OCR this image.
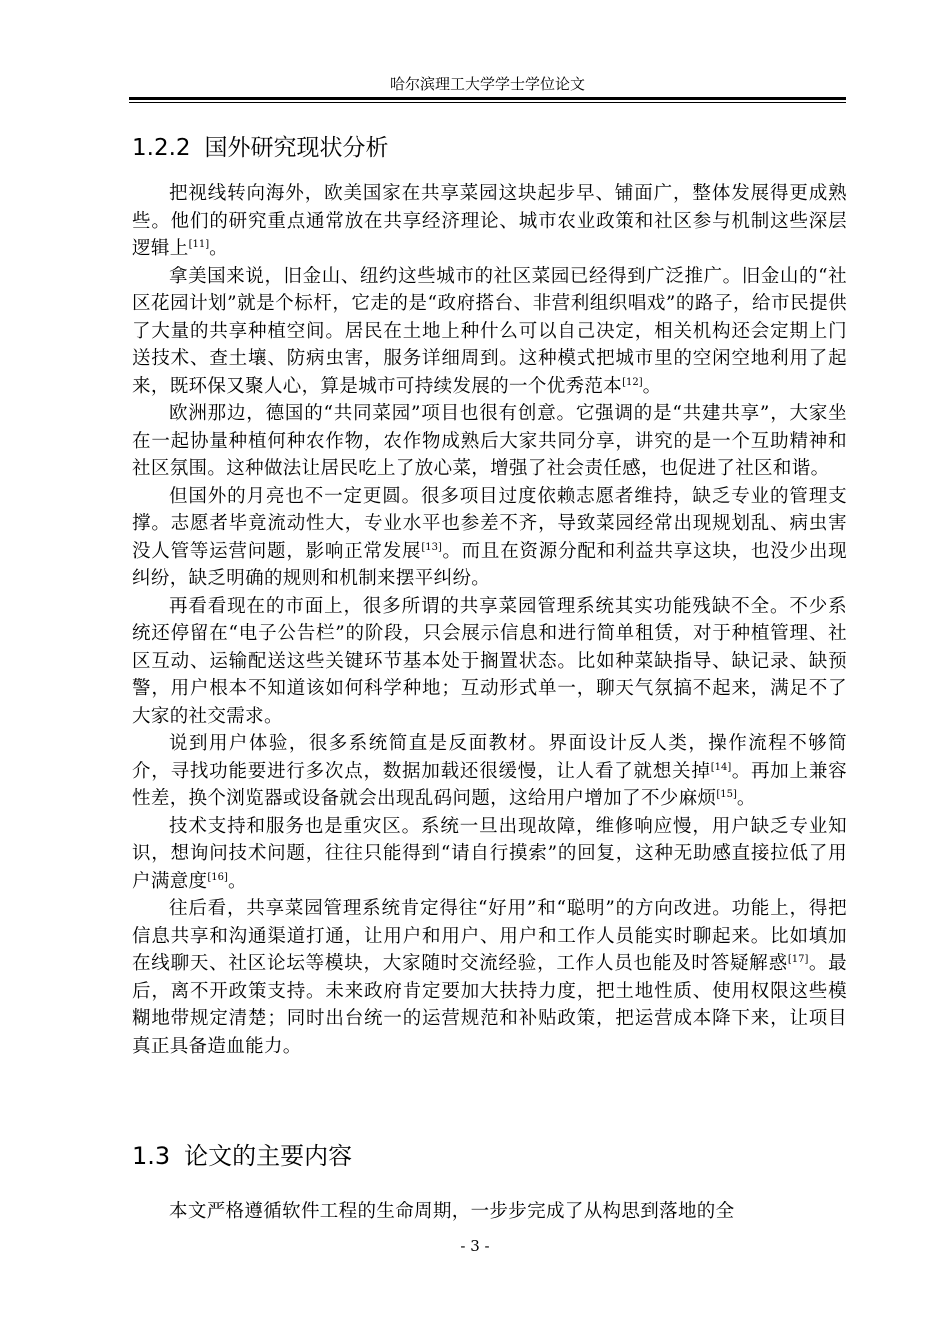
哈尔滨理工大学学士学位论文
1.2.2 国外研究现状分析

把视线转向海外，欧美国家在共享菜园这块起步早、铺面广，整体发展得更成熟些。他们的研究重点通常放在共享经济理论、城市农业政策和社区参与机制这些深层逻辑上[11]。

拿美国来说，旧金山、纽约这些城市的社区菜园已经得到广泛推广。旧金山的“社区花园计划”就是个标杆，它走的是“政府搭台、非营利组织唱戏”的路子，给市民提供了大量的共享种植空间。居民在土地上种什么可以自己决定，相关机构还会定期上门送技术、查土壤、防病虫害，服务详细周到。这种模式把城市里的空闲空地利用了起来，既环保又聚人心，算是城市可持续发展的一个优秀范本[12]。

欧洲那边，德国的“共同菜园”项目也很有创意。它强调的是“共建共享”，大家坐在一起协量种植何种农作物，农作物成熟后大家共同分享，讲究的是一个互助精神和社区氛围。这种做法让居民吃上了放心菜，增强了社会责任感，也促进了社区和谐。

但国外的月亮也不一定更圆。很多项目过度依赖志愿者维持，缺乏专业的管理支撑。志愿者毕竟流动性大，专业水平也参差不齐，导致菜园经常出现规划乱、病虫害没人管等运营问题，影响正常发展[13]。而且在资源分配和利益共享这块，也没少出现纠纷，缺乏明确的规则和机制来摆平纠纷。

再看看现在的市面上，很多所谓的共享菜园管理系统其实功能残缺不全。不少系统还停留在“电子公告栏”的阶段，只会展示信息和进行简单租赁，对于种植管理、社区互动、运输配送这些关键环节基本处于搁置状态。比如种菜缺指导、缺记录、缺预警，用户根本不知道该如何科学种地；互动形式单一，聊天气氛搞不起来，满足不了大家的社交需求。

说到用户体验，很多系统简直是反面教材。界面设计反人类，操作流程不够简介，寻找功能要进行多次点，数据加载还很缓慢，让人看了就想关掉[14]。再加上兼容性差，换个浏览器或设备就会出现乱码问题，这给用户增加了不少麻烦[15]。

技术支持和服务也是重灾区。系统一旦出现故障，维修响应慢，用户缺乏专业知识，想询问技术问题，往往只能得到“请自行摸索”的回复，这种无助感直接拉低了用户满意度[16]。

往后看，共享菜园管理系统肯定得往“好用”和“聪明”的方向改进。功能上，得把信息共享和沟通渠道打通，让用户和用户、用户和工作人员能实时聊起来。比如填加在线聊天、社区论坛等模块，大家随时交流经验，工作人员也能及时答疑解惑[17]。最后，离不开政策支持。未来政府肯定要加大扶持力度，把土地性质、使用权限这些模糊地带规定清楚；同时出台统一的运营规范和补贴政策，把运营成本降下来，让项目真正具备造血能力。

1.3 论文的主要内容

本文严格遵循软件工程的生命周期，一步步完成了从构思到落地的全

- 3 -
